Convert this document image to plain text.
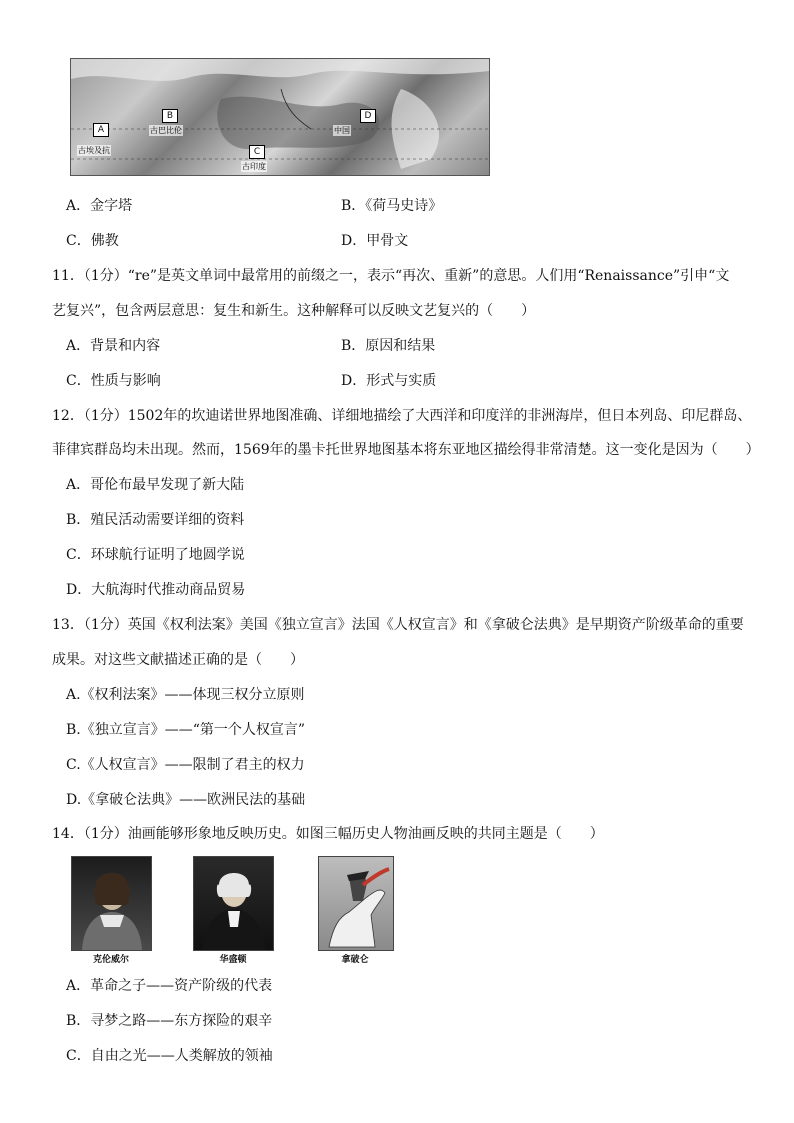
A
B
C
D
古埃及抗
古巴比伦
古印度
中国
A．金字塔	B．《荷马史诗》
C．佛教	D．甲骨文
11．（1分）“re”是英文单词中最常用的前缀之一，表示“再次、重新”的意思。人们用“Renaissance”引申“文
艺复兴”，包含两层意思：复生和新生。这种解释可以反映文艺复兴的（　　）
A．背景和内容	B．原因和结果
C．性质与影响	D．形式与实质
12．（1分）1502年的坎迪诺世界地图准确、详细地描绘了大西洋和印度洋的非洲海岸，但日本列岛、印尼群岛、
菲律宾群岛均未出现。然而，1569年的墨卡托世界地图基本将东亚地区描绘得非常清楚。这一变化是因为（　　）
A．哥伦布最早发现了新大陆
B．殖民活动需要详细的资料
C．环球航行证明了地圆学说
D．大航海时代推动商品贸易
13．（1分）英国《权利法案》美国《独立宣言》法国《人权宣言》和《拿破仑法典》是早期资产阶级革命的重要
成果。对这些文献描述正确的是（　　）
A.《权利法案》——体现三权分立原则
B.《独立宣言》——“第一个人权宣言”
C.《人权宣言》——限制了君主的权力
D.《拿破仑法典》——欧洲民法的基础
14．（1分）油画能够形象地反映历史。如图三幅历史人物油画反映的共同主题是（　　）
克伦威尔	华盛顿	拿破仑
A．革命之子——资产阶级的代表
B．寻梦之路——东方探险的艰辛
C．自由之光——人类解放的领袖
